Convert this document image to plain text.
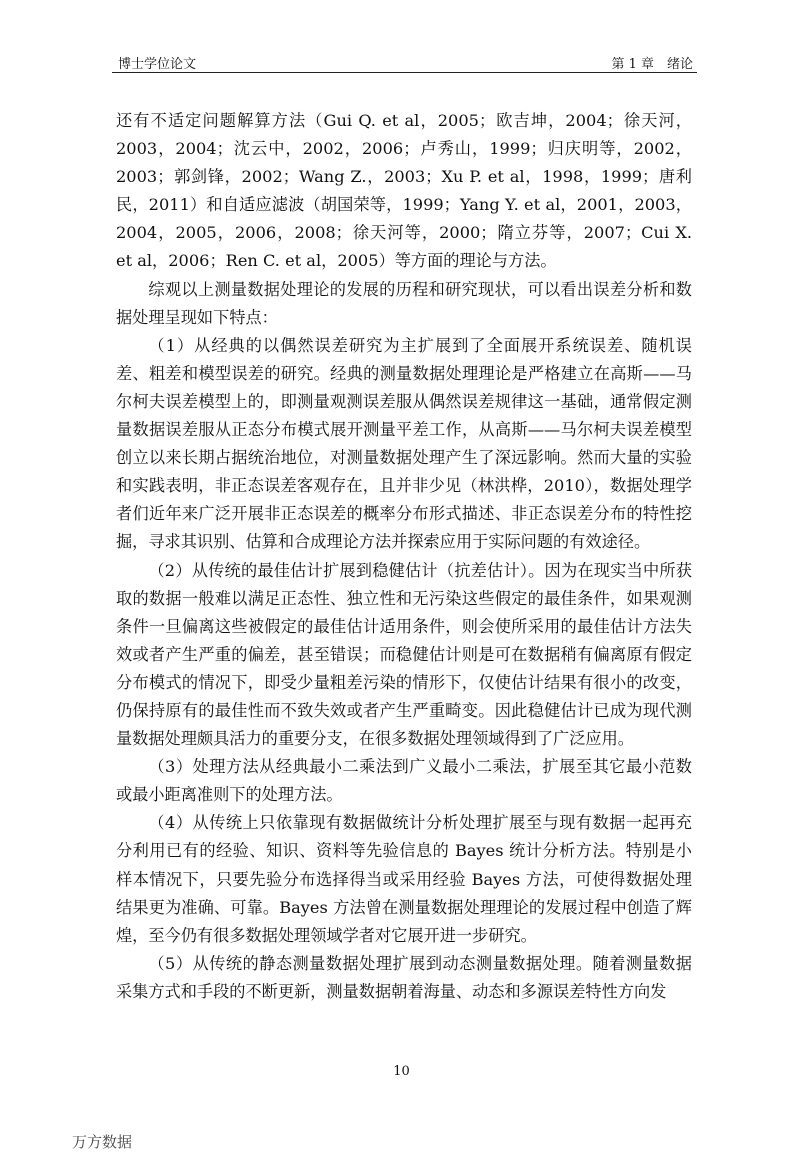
博士学位论文	第 1 章　绪论

还有不适定问题解算方法（Gui Q. et al，2005；欧吉坤，2004；徐天河，2003，2004；沈云中，2002，2006；卢秀山，1999；归庆明等，2002，2003；郭剑锋，2002；Wang Z.，2003；Xu P. et al，1998，1999；唐利民，2011）和自适应滤波（胡国荣等，1999；Yang Y. et al，2001，2003，2004，2005，2006，2008；徐天河等，2000；隋立芬等，2007；Cui X. et al，2006；Ren C. et al，2005）等方面的理论与方法。

综观以上测量数据处理论的发展的历程和研究现状，可以看出误差分析和数据处理呈现如下特点：

（1）从经典的以偶然误差研究为主扩展到了全面展开系统误差、随机误差、粗差和模型误差的研究。经典的测量数据处理理论是严格建立在高斯——马尔柯夫误差模型上的，即测量观测误差服从偶然误差规律这一基础，通常假定测量数据误差服从正态分布模式展开测量平差工作，从高斯——马尔柯夫误差模型创立以来长期占据统治地位，对测量数据处理产生了深远影响。然而大量的实验和实践表明，非正态误差客观存在，且并非少见（林洪桦，2010），数据处理学者们近年来广泛开展非正态误差的概率分布形式描述、非正态误差分布的特性挖掘，寻求其识别、估算和合成理论方法并探索应用于实际问题的有效途径。

（2）从传统的最佳估计扩展到稳健估计（抗差估计）。因为在现实当中所获取的数据一般难以满足正态性、独立性和无污染这些假定的最佳条件，如果观测条件一旦偏离这些被假定的最佳估计适用条件，则会使所采用的最佳估计方法失效或者产生严重的偏差，甚至错误；而稳健估计则是可在数据稍有偏离原有假定分布模式的情况下，即受少量粗差污染的情形下，仅使估计结果有很小的改变，仍保持原有的最佳性而不致失效或者产生严重畸变。因此稳健估计已成为现代测量数据处理颇具活力的重要分支，在很多数据处理领域得到了广泛应用。

（3）处理方法从经典最小二乘法到广义最小二乘法，扩展至其它最小范数或最小距离准则下的处理方法。

（4）从传统上只依靠现有数据做统计分析处理扩展至与现有数据一起再充分利用已有的经验、知识、资料等先验信息的 Bayes 统计分析方法。特别是小样本情况下，只要先验分布选择得当或采用经验 Bayes 方法，可使得数据处理结果更为准确、可靠。Bayes 方法曾在测量数据处理理论的发展过程中创造了辉煌，至今仍有很多数据处理领域学者对它展开进一步研究。

（5）从传统的静态测量数据处理扩展到动态测量数据处理。随着测量数据采集方式和手段的不断更新，测量数据朝着海量、动态和多源误差特性方向发

10
万方数据
